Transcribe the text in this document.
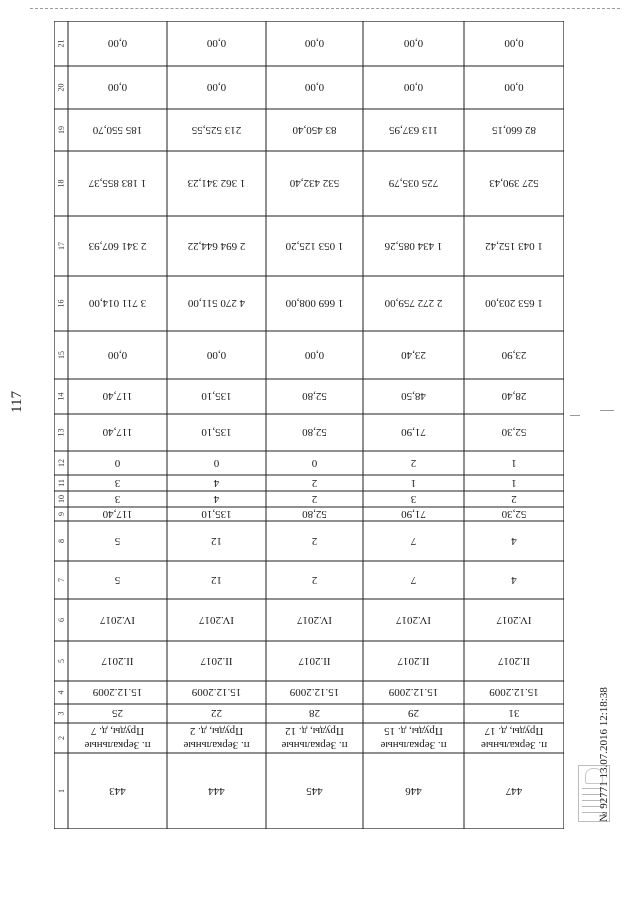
117
№ 92771 13.07.2016 12:18:38
1
2
3
4
5
6
7
8
9
10
11
12
13
14
15
16
17
18
19
20
21
443
п. Зеркальные
Пруды, д. 7
25
15.12.2009
II.2017
IV.2017
5
5
117,40
3
3
0
117,40
117,40
0,00
3 711 014,00
2 341 607,93
1 183 855,37
185 550,70
0,00
0,00
444
п. Зеркальные
Пруды, д. 2
22
15.12.2009
II.2017
IV.2017
12
12
135,10
4
4
0
135,10
135,10
0,00
4 270 511,00
2 694 644,22
1 362 341,23
213 525,55
0,00
0,00
445
п. Зеркальные
Пруды, д. 12
28
15.12.2009
II.2017
IV.2017
2
2
52,80
2
2
0
52,80
52,80
0,00
1 669 008,00
1 053 125,20
532 432,40
83 450,40
0,00
0,00
446
п. Зеркальные
Пруды, д. 15
29
15.12.2009
II.2017
IV.2017
7
7
71,90
3
1
2
71,90
48,50
23,40
2 272 759,00
1 434 085,26
725 035,79
113 637,95
0,00
0,00
447
п. Зеркальные
Пруды, д. 17
31
15.12.2009
II.2017
IV.2017
4
4
52,30
2
1
1
52,30
28,40
23,90
1 653 203,00
1 043 152,42
527 390,43
82 660,15
0,00
0,00
